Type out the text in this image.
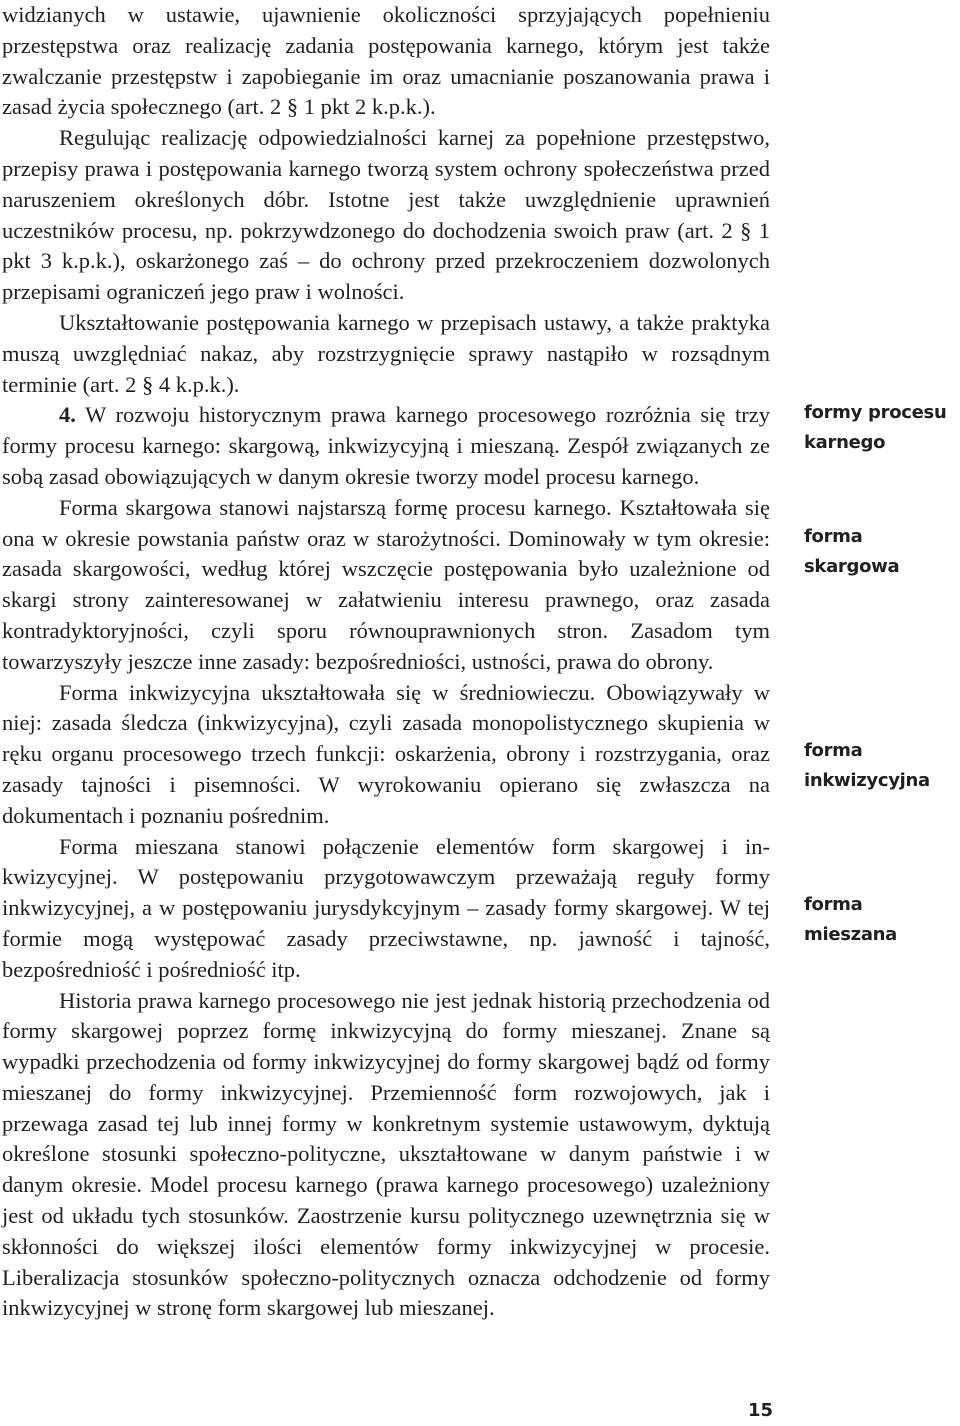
widzianych w ustawie, ujawnienie okoliczności sprzyjających popełnieniu przestępstwa oraz realizację zadania postępowania karnego, którym jest także zwalczanie przestępstw i zapobieganie im oraz umacnianie poszanowania prawa i zasad życia społecznego (art. 2 § 1 pkt 2 k.p.k.).

Regulując realizację odpowiedzialności karnej za popełnione przestępstwo, przepisy prawa i postępowania karnego tworzą system ochrony społeczeństwa przed naruszeniem określonych dóbr. Istotne jest także uwzględnienie uprawnień uczestników procesu, np. pokrzywdzonego do dochodzenia swoich praw (art. 2 § 1 pkt 3 k.p.k.), oskarżonego zaś – do ochrony przed przekroczeniem dozwolonych przepisami ograniczeń jego praw i wolności.

Ukształtowanie postępowania karnego w przepisach ustawy, a także praktyka muszą uwzględniać nakaz, aby rozstrzygnięcie sprawy nastąpiło w rozsądnym terminie (art. 2 § 4 k.p.k.).

4. W rozwoju historycznym prawa karnego procesowego rozróżnia się trzy formy procesu karnego: skargową, inkwizycyjną i mieszaną. Zespół związanych ze sobą zasad obowiązujących w danym okresie tworzy model procesu karnego.

Forma skargowa stanowi najstarszą formę procesu karnego. Kształtowała się ona w okresie powstania państw oraz w starożytności. Dominowały w tym okresie: zasada skargowości, według której wszczęcie postępowania było uzależnione od skargi strony zainteresowanej w załatwieniu interesu prawnego, oraz zasada kontradyktoryjności, czyli sporu równouprawnionych stron. Zasadom tym towarzyszyły jeszcze inne zasady: bezpośredniości, ustności, prawa do obrony.

Forma inkwizycyjna ukształtowała się w średniowieczu. Obowiązywały w niej: zasada śledcza (inkwizycyjna), czyli zasada monopolistycznego skupienia w ręku organu procesowego trzech funkcji: oskarżenia, obrony i rozstrzygania, oraz zasady tajności i pisemności. W wyrokowaniu opierano się zwłaszcza na dokumentach i poznaniu pośrednim.

Forma mieszana stanowi połączenie elementów form skargowej i inkwizycyjnej. W postępowaniu przygotowawczym przeważają reguły formy inkwizycyjnej, a w postępowaniu jurysdykcyjnym – zasady formy skargowej. W tej formie mogą występować zasady przeciwstawne, np. jawność i tajność, bezpośredniość i pośredniość itp.

Historia prawa karnego procesowego nie jest jednak historią przechodzenia od formy skargowej poprzez formę inkwizycyjną do formy mieszanej. Znane są wypadki przechodzenia od formy inkwizycyjnej do formy skargowej bądź od formy mieszanej do formy inkwizycyjnej. Przemienność form rozwojowych, jak i przewaga zasad tej lub innej formy w konkretnym systemie ustawowym, dyktują określone stosunki społeczno-polityczne, ukształtowane w danym państwie i w danym okresie. Model procesu karnego (prawa karnego procesowego) uzależniony jest od układu tych stosunków. Zaostrzenie kursu politycznego uzewnętrznia się w skłonności do większej ilości elementów formy inkwizycyjnej w procesie. Liberalizacja stosunków społeczno-politycznych oznacza odchodzenie od formy inkwizycyjnej w stronę form skargowej lub mieszanej.

formy procesu karnego
forma skargowa
forma inkwizycyjna
forma mieszana
15
